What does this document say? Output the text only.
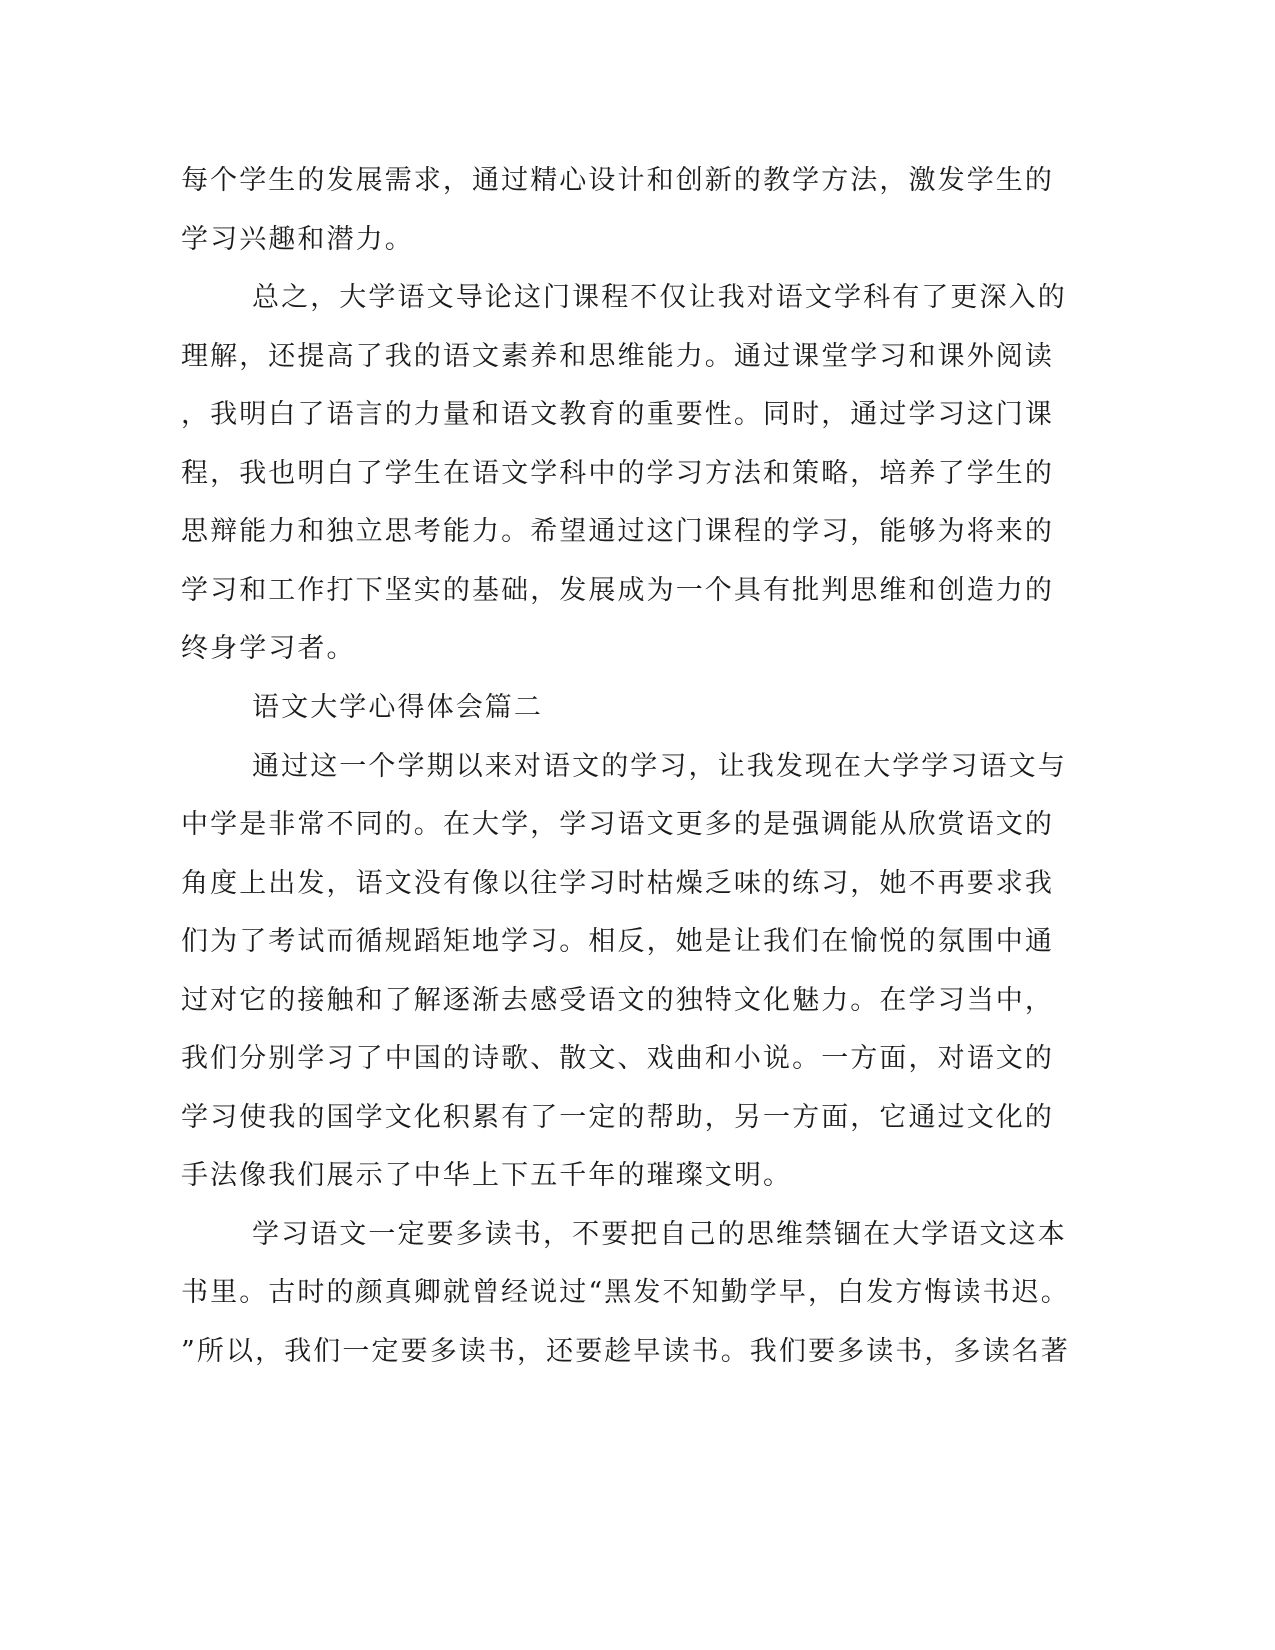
每个学生的发展需求，通过精心设计和创新的教学方法，激发学生的

学习兴趣和潜力。

总之，大学语文导论这门课程不仅让我对语文学科有了更深入的

理解，还提高了我的语文素养和思维能力。通过课堂学习和课外阅读

，我明白了语言的力量和语文教育的重要性。同时，通过学习这门课

程，我也明白了学生在语文学科中的学习方法和策略，培养了学生的

思辩能力和独立思考能力。希望通过这门课程的学习，能够为将来的

学习和工作打下坚实的基础，发展成为一个具有批判思维和创造力的

终身学习者。

语文大学心得体会篇二

通过这一个学期以来对语文的学习，让我发现在大学学习语文与

中学是非常不同的。在大学，学习语文更多的是强调能从欣赏语文的

角度上出发，语文没有像以往学习时枯燥乏味的练习，她不再要求我

们为了考试而循规蹈矩地学习。相反，她是让我们在愉悦的氛围中通

过对它的接触和了解逐渐去感受语文的独特文化魅力。在学习当中，

我们分别学习了中国的诗歌、散文、戏曲和小说。一方面，对语文的

学习使我的国学文化积累有了一定的帮助，另一方面，它通过文化的

手法像我们展示了中华上下五千年的璀璨文明。

学习语文一定要多读书，不要把自己的思维禁锢在大学语文这本

书里。古时的颜真卿就曾经说过“黑发不知勤学早，白发方悔读书迟。

”所以，我们一定要多读书，还要趁早读书。我们要多读书，多读名著
